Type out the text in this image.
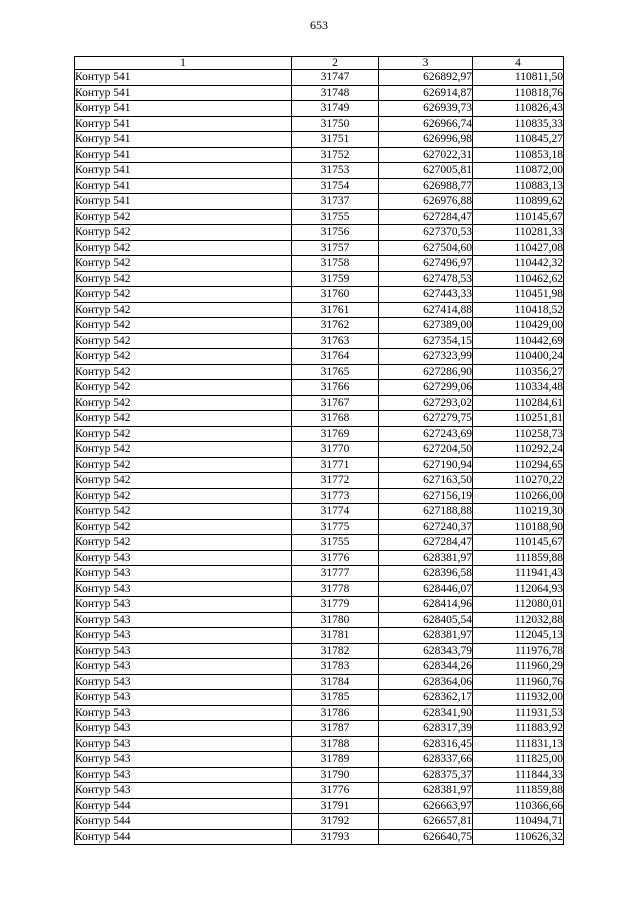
653
1	2	3	4
Контур 541	31747	626892,97	110811,50
Контур 541	31748	626914,87	110818,76
Контур 541	31749	626939,73	110826,43
Контур 541	31750	626966,74	110835,33
Контур 541	31751	626996,98	110845,27
Контур 541	31752	627022,31	110853,18
Контур 541	31753	627005,81	110872,00
Контур 541	31754	626988,77	110883,13
Контур 541	31737	626976,88	110899,62
Контур 542	31755	627284,47	110145,67
Контур 542	31756	627370,53	110281,33
Контур 542	31757	627504,60	110427,08
Контур 542	31758	627496,97	110442,32
Контур 542	31759	627478,53	110462,62
Контур 542	31760	627443,33	110451,98
Контур 542	31761	627414,88	110418,52
Контур 542	31762	627389,00	110429,00
Контур 542	31763	627354,15	110442,69
Контур 542	31764	627323,99	110400,24
Контур 542	31765	627286,90	110356,27
Контур 542	31766	627299,06	110334,48
Контур 542	31767	627293,02	110284,61
Контур 542	31768	627279,75	110251,81
Контур 542	31769	627243,69	110258,73
Контур 542	31770	627204,50	110292,24
Контур 542	31771	627190,94	110294,65
Контур 542	31772	627163,50	110270,22
Контур 542	31773	627156,19	110266,00
Контур 542	31774	627188,88	110219,30
Контур 542	31775	627240,37	110188,90
Контур 542	31755	627284,47	110145,67
Контур 543	31776	628381,97	111859,88
Контур 543	31777	628396,58	111941,43
Контур 543	31778	628446,07	112064,93
Контур 543	31779	628414,96	112080,01
Контур 543	31780	628405,54	112032,88
Контур 543	31781	628381,97	112045,13
Контур 543	31782	628343,79	111976,78
Контур 543	31783	628344,26	111960,29
Контур 543	31784	628364,06	111960,76
Контур 543	31785	628362,17	111932,00
Контур 543	31786	628341,90	111931,53
Контур 543	31787	628317,39	111883,92
Контур 543	31788	628316,45	111831,13
Контур 543	31789	628337,66	111825,00
Контур 543	31790	628375,37	111844,33
Контур 543	31776	628381,97	111859,88
Контур 544	31791	626663,97	110366,66
Контур 544	31792	626657,81	110494,71
Контур 544	31793	626640,75	110626,32
